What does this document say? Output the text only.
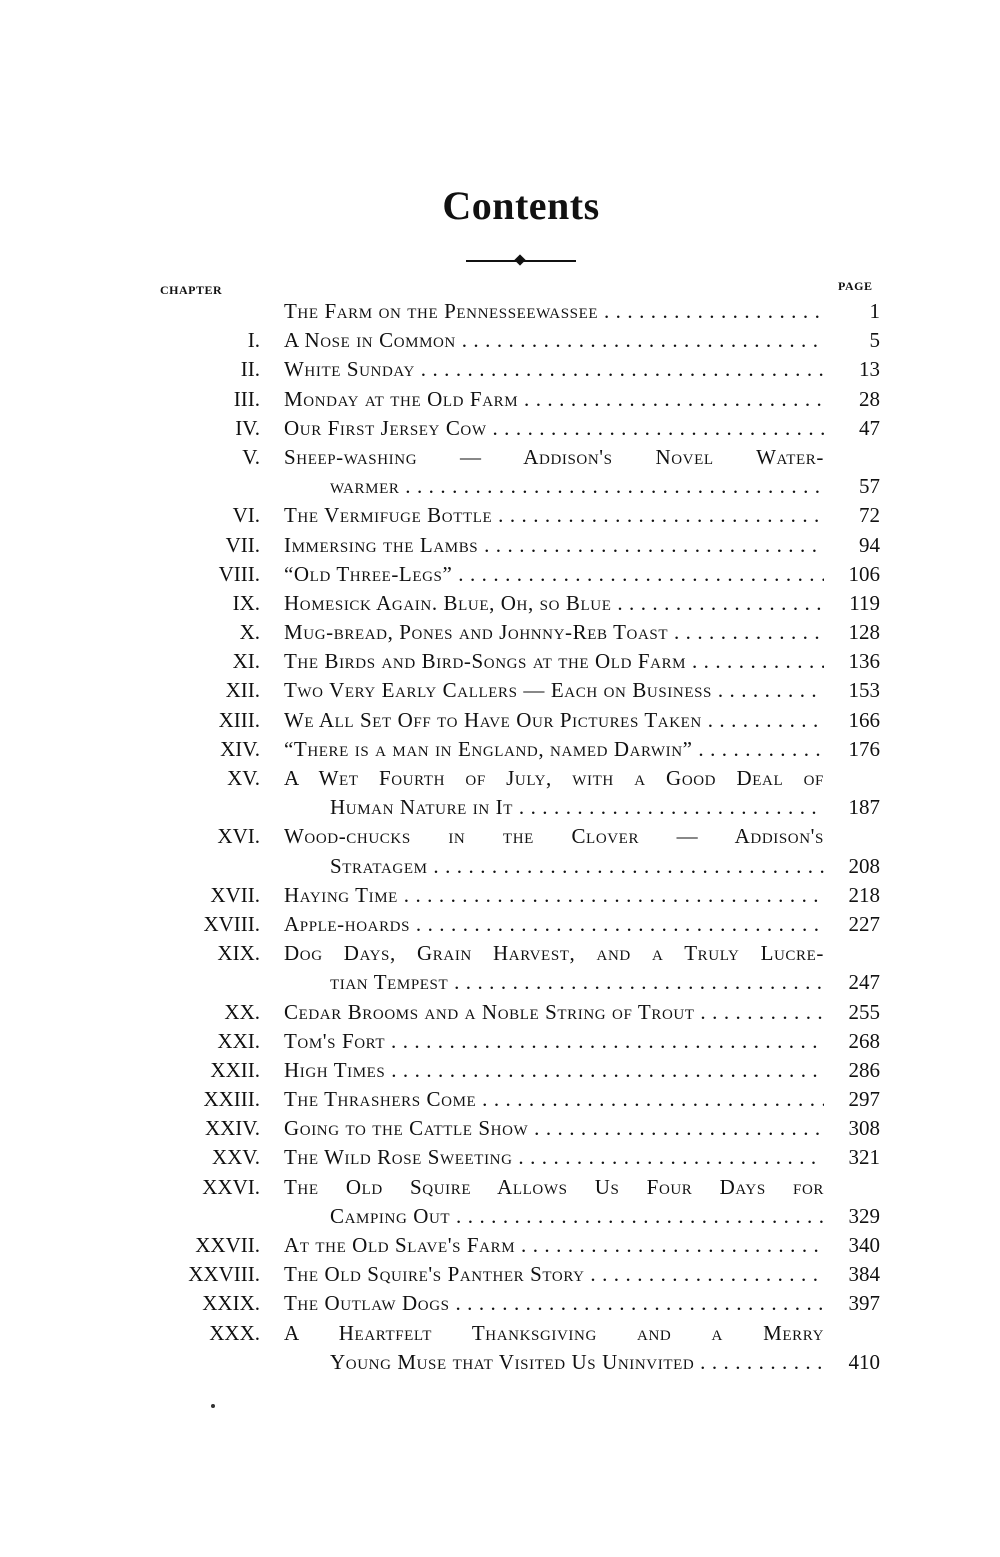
Contents
CHAPTER	PAGE
The Farm on the Pennesseewassee . . .	1
I. A Nose in Common . . .	5
II. White Sunday . . .	13
III. Monday at the Old Farm . . .	28
IV. Our First Jersey Cow . . .	47
V. Sheep-washing — Addison's Novel Water-
warmer . . .	57
VI. The Vermifuge Bottle . . .	72
VII. Immersing the Lambs . . .	94
VIII. “Old Three-Legs” . . .	106
IX. Homesick Again. Blue, Oh, so Blue . . .	119
X. Mug-bread, Pones and Johnny-Reb Toast . . .	128
XI. The Birds and Bird-Songs at the Old Farm . . .	136
XII. Two Very Early Callers — Each on Business . . .	153
XIII. We All Set Off to Have Our Pictures Taken . . .	166
XIV. “There is a man in England, named Darwin” . . .	176
XV. A Wet Fourth of July, with a Good Deal of
Human Nature in It . . .	187
XVI. Wood-chucks in the Clover — Addison's
Stratagem . . .	208
XVII. Haying Time . . .	218
XVIII. Apple-hoards . . .	227
XIX. Dog Days, Grain Harvest, and a Truly Lucre-
tian Tempest . . .	247
XX. Cedar Brooms and a Noble String of Trout . . .	255
XXI. Tom's Fort . . .	268
XXII. High Times . . .	286
XXIII. The Thrashers Come . . .	297
XXIV. Going to the Cattle Show . . .	308
XXV. The Wild Rose Sweeting . . .	321
XXVI. The Old Squire Allows Us Four Days for
Camping Out . . .	329
XXVII. At the Old Slave's Farm . . .	340
XXVIII. The Old Squire's Panther Story . . .	384
XXIX. The Outlaw Dogs . . .	397
XXX. A Heartfelt Thanksgiving and a Merry
Young Muse that Visited Us Uninvited . . .	410
